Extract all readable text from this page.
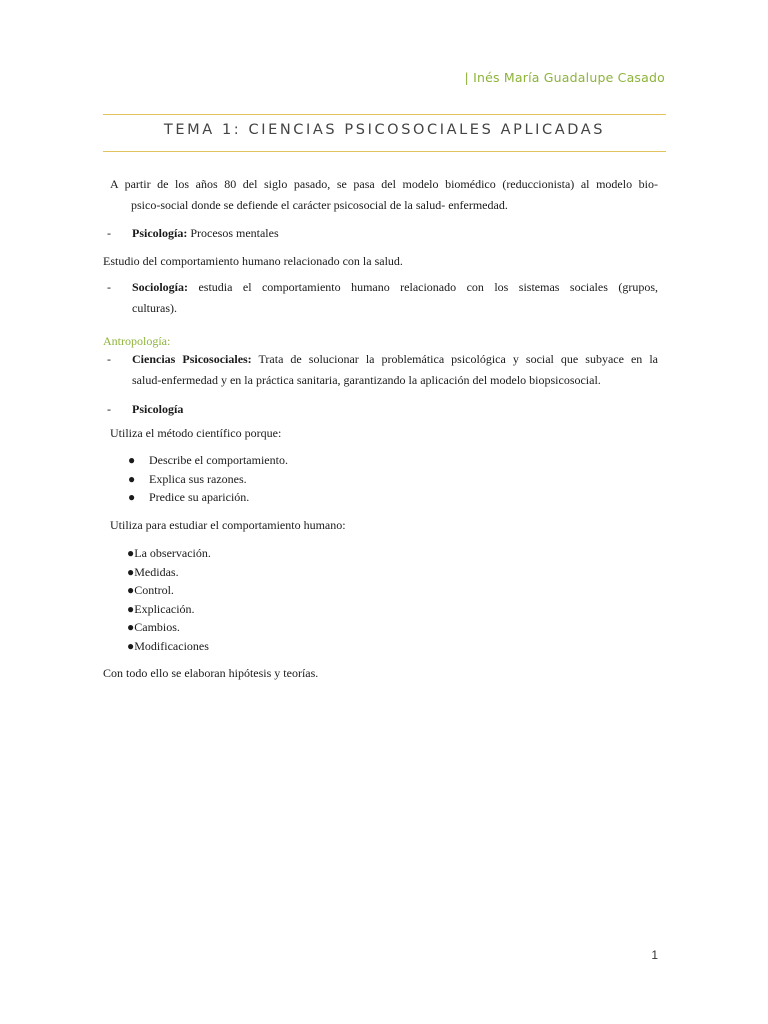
| Inés María Guadalupe Casado
TEMA 1: CIENCIAS PSICOSOCIALES APLICADAS
A partir de los años 80 del siglo pasado, se pasa del modelo biomédico (reduccionista) al modelo bio-
psico-social donde se defiende el carácter psicosocial de la salud- enfermedad.
- Psicología: Procesos mentales
Estudio del comportamiento humano relacionado con la salud.
- Sociología: estudia el comportamiento humano relacionado con los sistemas sociales (grupos,
culturas).
Antropología:
- Ciencias Psicosociales: Trata de solucionar la problemática psicológica y social que subyace en la
salud-enfermedad y en la práctica sanitaria, garantizando la aplicación del modelo biopsicosocial.
- Psicología
Utiliza el método científico porque:
● Describe el comportamiento.
● Explica sus razones.
● Predice su aparición.
Utiliza para estudiar el comportamiento humano:
●La observación.
●Medidas.
●Control.
●Explicación.
●Cambios.
●Modificaciones
Con todo ello se elaboran hipótesis y teorías.
1
